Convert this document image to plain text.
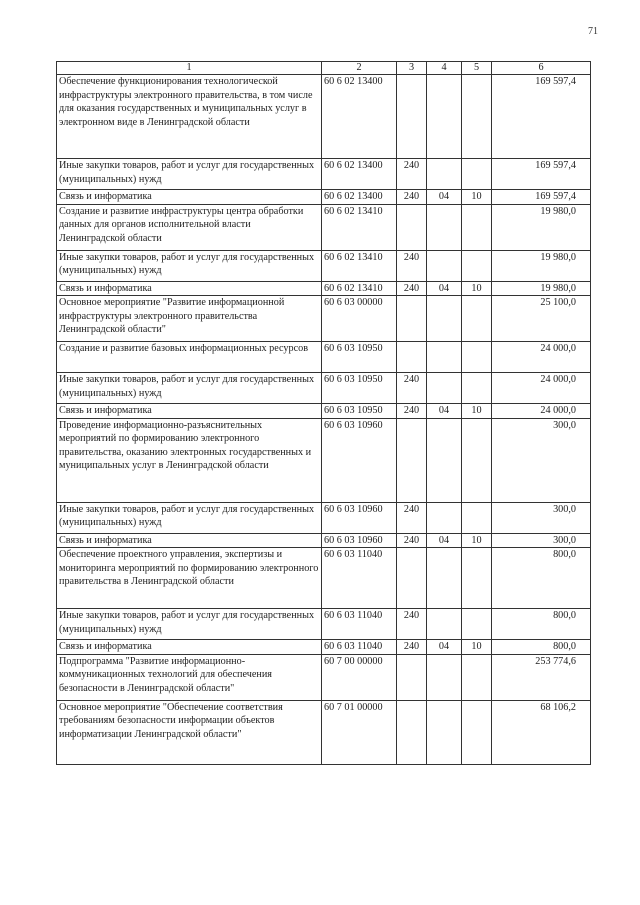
71
1	2	3	4	5	6
Обеспечение функционирования технологической инфраструктуры электронного правительства, в том числе для оказания государственных и муниципальных услуг в электронном виде в Ленинградской области	60 6 02 13400				169 597,4
Иные закупки товаров, работ и услуг для государственных (муниципальных) нужд	60 6 02 13400	240			169 597,4
Связь и информатика	60 6 02 13400	240	04	10	169 597,4
Создание и развитие инфраструктуры центра обработки данных для органов исполнительной власти Ленинградской области	60 6 02 13410				19 980,0
Иные закупки товаров, работ и услуг для государственных (муниципальных) нужд	60 6 02 13410	240			19 980,0
Связь и информатика	60 6 02 13410	240	04	10	19 980,0
Основное мероприятие "Развитие информационной инфраструктуры электронного правительства Ленинградской области"	60 6 03 00000				25 100,0
Создание и развитие базовых информационных ресурсов	60 6 03 10950				24 000,0
Иные закупки товаров, работ и услуг для государственных (муниципальных) нужд	60 6 03 10950	240			24 000,0
Связь и информатика	60 6 03 10950	240	04	10	24 000,0
Проведение информационно-разъяснительных мероприятий по формированию электронного правительства, оказанию электронных государственных и муниципальных услуг в Ленинградской области	60 6 03 10960				300,0
Иные закупки товаров, работ и услуг для государственных (муниципальных) нужд	60 6 03 10960	240			300,0
Связь и информатика	60 6 03 10960	240	04	10	300,0
Обеспечение проектного управления, экспертизы и мониторинга мероприятий по формированию электронного правительства в Ленинградской области	60 6 03 11040				800,0
Иные закупки товаров, работ и услуг для государственных (муниципальных) нужд	60 6 03 11040	240			800,0
Связь и информатика	60 6 03 11040	240	04	10	800,0
Подпрограмма "Развитие информационно-коммуникационных технологий для обеспечения безопасности в Ленинградской области"	60 7 00 00000				253 774,6
Основное мероприятие "Обеспечение соответствия требованиям безопасности информации объектов информатизации Ленинградской области"	60 7 01 00000				68 106,2
